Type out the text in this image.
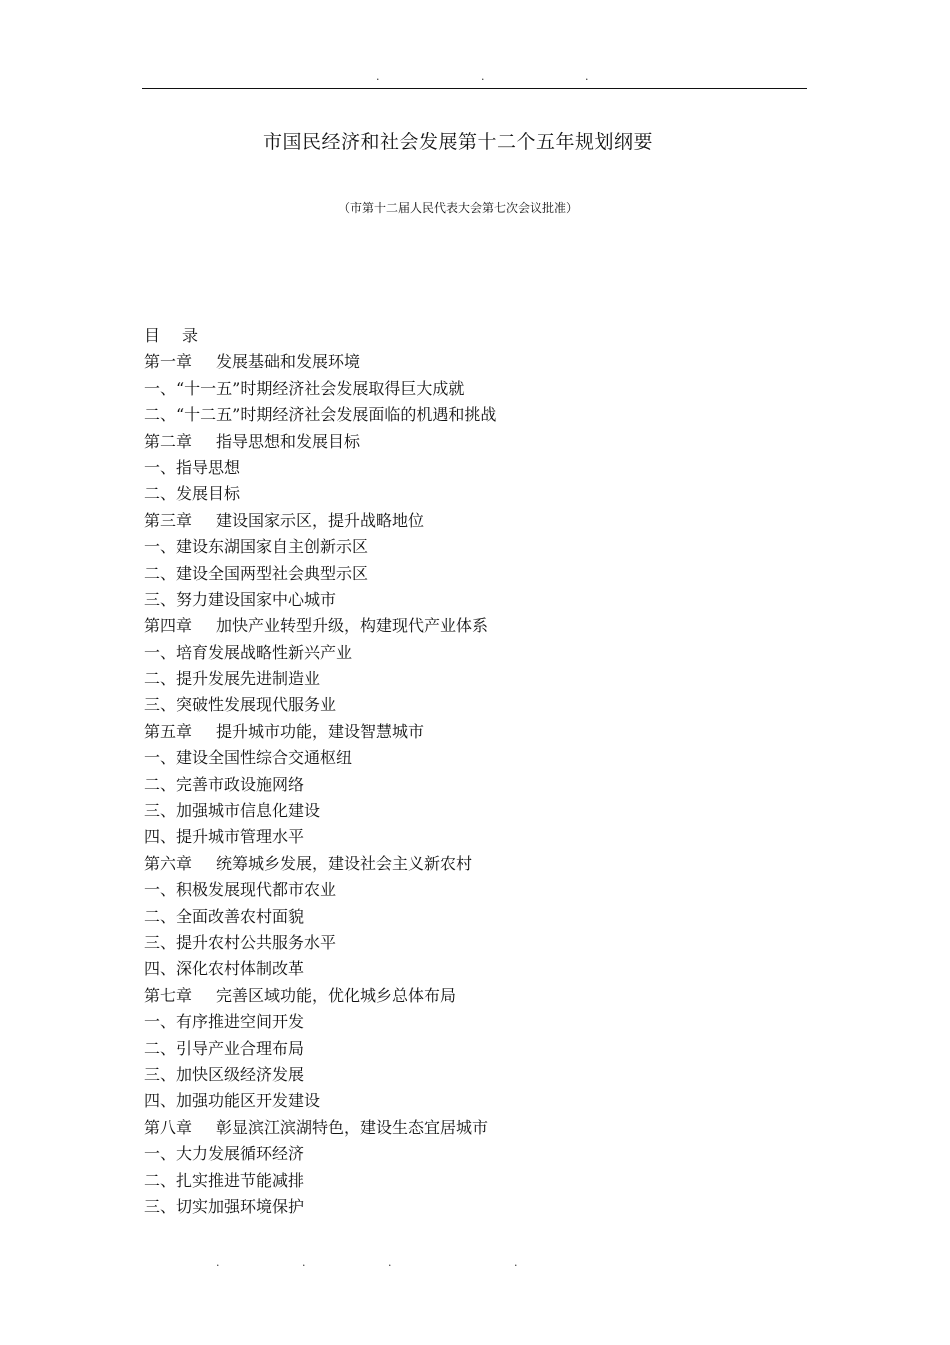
.	.	.
市国民经济和社会发展第十二个五年规划纲要
（市第十二届人民代表大会第七次会议批准）
目 录
第一章 发展基础和发展环境
一、“十一五”时期经济社会发展取得巨大成就
二、“十二五”时期经济社会发展面临的机遇和挑战
第二章 指导思想和发展目标
一、指导思想
二、发展目标
第三章 建设国家示区，提升战略地位
一、建设东湖国家自主创新示区
二、建设全国两型社会典型示区
三、努力建设国家中心城市
第四章 加快产业转型升级，构建现代产业体系
一、培育发展战略性新兴产业
二、提升发展先进制造业
三、突破性发展现代服务业
第五章 提升城市功能，建设智慧城市
一、建设全国性综合交通枢纽
二、完善市政设施网络
三、加强城市信息化建设
四、提升城市管理水平
第六章 统筹城乡发展，建设社会主义新农村
一、积极发展现代都市农业
二、全面改善农村面貌
三、提升农村公共服务水平
四、深化农村体制改革
第七章 完善区域功能，优化城乡总体布局
一、有序推进空间开发
二、引导产业合理布局
三、加快区级经济发展
四、加强功能区开发建设
第八章 彰显滨江滨湖特色，建设生态宜居城市
一、大力发展循环经济
二、扎实推进节能减排
三、切实加强环境保护
.	.	.	.
